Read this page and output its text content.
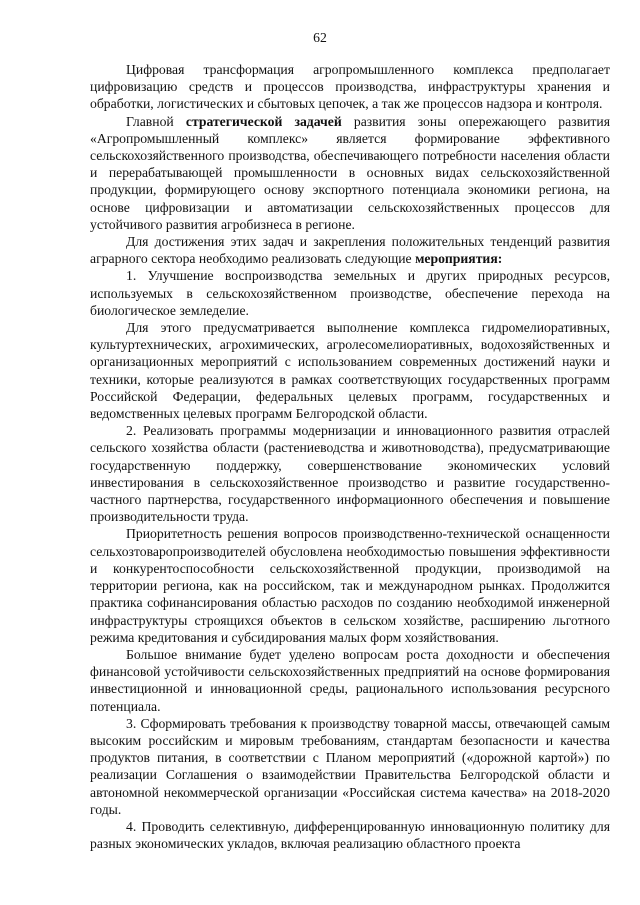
62

Цифровая трансформация агропромышленного комплекса предполагает цифровизацию средств и процессов производства, инфраструктуры хранения и обработки, логистических и сбытовых цепочек, а так же процессов надзора и контроля.

Главной стратегической задачей развития зоны опережающего развития «Агропромышленный комплекс» является формирование эффективного сельскохозяйственного производства, обеспечивающего потребности населения области и перерабатывающей промышленности в основных видах сельскохозяйственной продукции, формирующего основу экспортного потенциала экономики региона, на основе цифровизации и автоматизации сельскохозяйственных процессов для устойчивого развития агробизнеса в регионе.

Для достижения этих задач и закрепления положительных тенденций развития аграрного сектора необходимо реализовать следующие мероприятия:

1. Улучшение воспроизводства земельных и других природных ресурсов, используемых в сельскохозяйственном производстве, обеспечение перехода на биологическое земледелие.

Для этого предусматривается выполнение комплекса гидромелиоративных, культуртехнических, агрохимических, агролесомелиоративных, водохозяйственных и организационных мероприятий с использованием современных достижений науки и техники, которые реализуются в рамках соответствующих государственных программ Российской Федерации, федеральных целевых программ, государственных и ведомственных целевых программ Белгородской области.

2. Реализовать программы модернизации и инновационного развития отраслей сельского хозяйства области (растениеводства и животноводства), предусматривающие государственную поддержку, совершенствование экономических условий инвестирования в сельскохозяйственное производство и развитие государственно-частного партнерства, государственного информационного обеспечения и повышение производительности труда.

Приоритетность решения вопросов производственно-технической оснащенности сельхозтоваропроизводителей обусловлена необходимостью повышения эффективности и конкурентоспособности сельскохозяйственной продукции, производимой на территории региона, как на российском, так и международном рынках. Продолжится практика софинансирования областью расходов по созданию необходимой инженерной инфраструктуры строящихся объектов в сельском хозяйстве, расширению льготного режима кредитования и субсидирования малых форм хозяйствования.

Большое внимание будет уделено вопросам роста доходности и обеспечения финансовой устойчивости сельскохозяйственных предприятий на основе формирования инвестиционной и инновационной среды, рационального использования ресурсного потенциала.

3. Сформировать требования к производству товарной массы, отвечающей самым высоким российским и мировым требованиям, стандартам безопасности и качества продуктов питания, в соответствии с Планом мероприятий («дорожной картой») по реализации Соглашения о взаимодействии Правительства Белгородской области и автономной некоммерческой организации «Российская система качества» на 2018-2020 годы.

4. Проводить селективную, дифференцированную инновационную политику для разных экономических укладов, включая реализацию областного проекта
